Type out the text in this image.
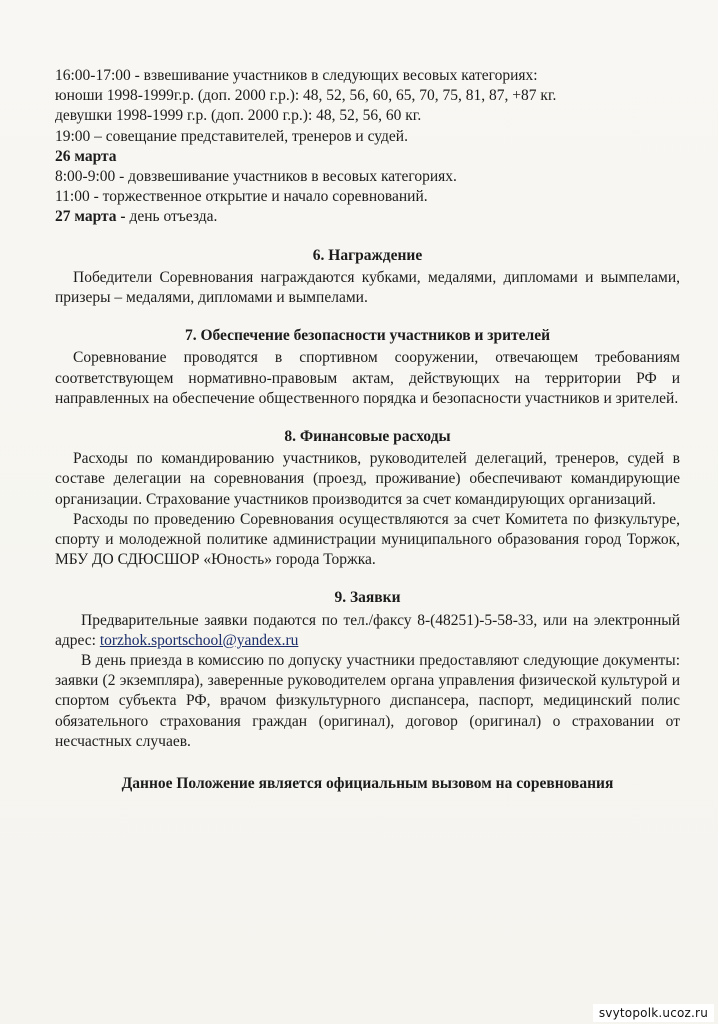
16:00-17:00 - взвешивание участников в следующих весовых категориях:
юноши 1998-1999г.р. (доп. 2000 г.р.): 48, 52, 56, 60, 65, 70, 75, 81, 87, +87 кг.
девушки 1998-1999 г.р. (доп. 2000 г.р.): 48, 52, 56, 60 кг.
19:00 – совещание представителей, тренеров и судей.
26 марта
8:00-9:00 - довзвешивание участников в весовых категориях.
11:00 - торжественное открытие и начало соревнований.
27 марта - день отъезда.
6. Награждение
Победители Соревнования награждаются кубками, медалями, дипломами и вымпелами, призеры – медалями, дипломами и вымпелами.
7. Обеспечение безопасности участников и зрителей
Соревнование проводятся в спортивном сооружении, отвечающем требованиям соответствующем нормативно-правовым актам, действующих на территории РФ и направленных на обеспечение общественного порядка и безопасности участников и зрителей.
8. Финансовые расходы
Расходы по командированию участников, руководителей делегаций, тренеров, судей в составе делегации на соревнования (проезд, проживание) обеспечивают командирующие организации. Страхование участников производится за счет командирующих организаций.
Расходы по проведению Соревнования осуществляются за счет Комитета по физкультуре, спорту и молодежной политике администрации муниципального образования город Торжок, МБУ ДО СДЮСШОР «Юность» города Торжка.
9. Заявки
Предварительные заявки подаются по тел./факсу 8-(48251)-5-58-33, или на электронный адрес: torzhok.sportschool@yandex.ru
В день приезда в комиссию по допуску участники предоставляют следующие документы: заявки (2 экземпляра), заверенные руководителем органа управления физической культурой и спортом субъекта РФ, врачом физкультурного диспансера, паспорт, медицинский полис обязательного страхования граждан (оригинал), договор (оригинал) о страховании от несчастных случаев.
Данное Положение является официальным вызовом на соревнования
svytopolk.ucoz.ru
